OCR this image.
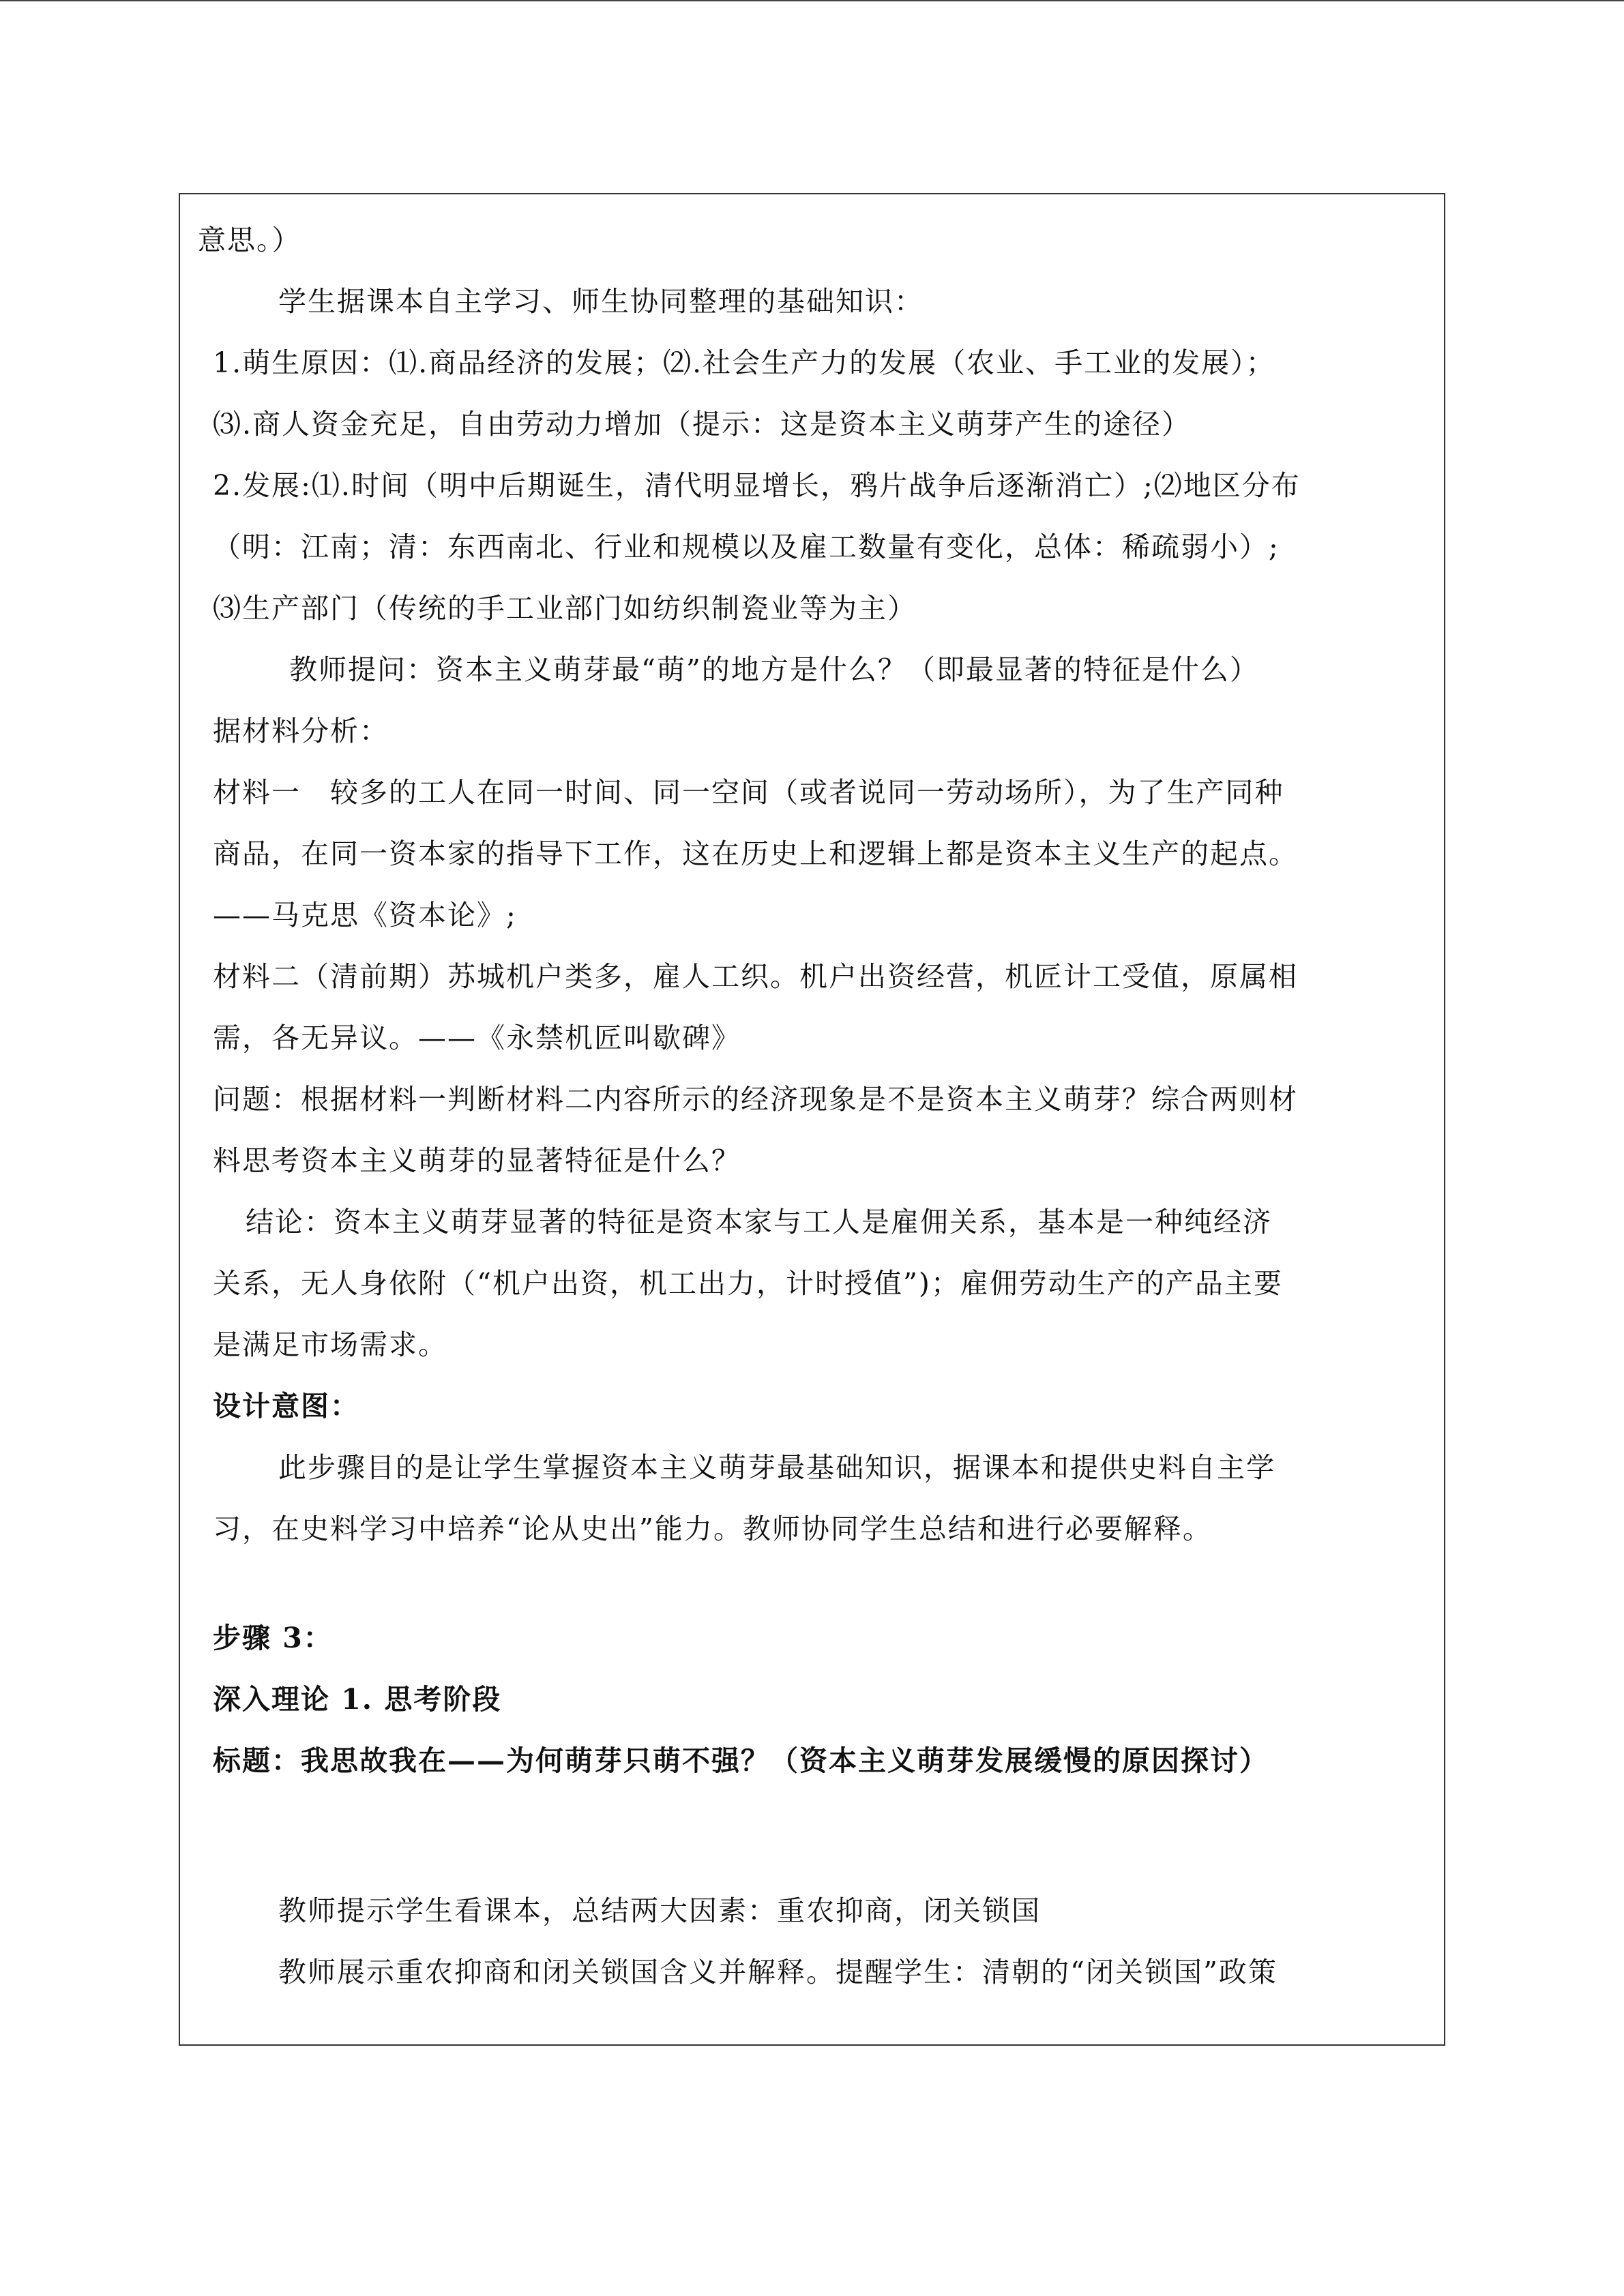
意思。）
学生据课本自主学习、师生协同整理的基础知识：
1.萌生原因：⑴.商品经济的发展；⑵.社会生产力的发展（农业、手工业的发展）；
⑶.商人资金充足，自由劳动力增加（提示：这是资本主义萌芽产生的途径）
2.发展:⑴.时间（明中后期诞生，清代明显增长，鸦片战争后逐渐消亡）;⑵地区分布
（明：江南；清：东西南北、行业和规模以及雇工数量有变化，总体：稀疏弱小）;
⑶生产部门（传统的手工业部门如纺织制瓷业等为主）
教师提问：资本主义萌芽最“萌”的地方是什么？（即最显著的特征是什么）
据材料分析：
材料一　较多的工人在同一时间、同一空间（或者说同一劳动场所），为了生产同种
商品，在同一资本家的指导下工作，这在历史上和逻辑上都是资本主义生产的起点。
——马克思《资本论》;
材料二（清前期）苏城机户类多，雇人工织。机户出资经营，机匠计工受值，原属相
需，各无异议。——《永禁机匠叫歇碑》
问题：根据材料一判断材料二内容所示的经济现象是不是资本主义萌芽？综合两则材
料思考资本主义萌芽的显著特征是什么？
结论：资本主义萌芽显著的特征是资本家与工人是雇佣关系，基本是一种纯经济
关系，无人身依附（“机户出资，机工出力，计时授值”)；雇佣劳动生产的产品主要
是满足市场需求。
设计意图：
此步骤目的是让学生掌握资本主义萌芽最基础知识，据课本和提供史料自主学
习，在史料学习中培养“论从史出”能力。教师协同学生总结和进行必要解释。
步骤 3：
深入理论 1. 思考阶段
标题：我思故我在——为何萌芽只萌不强？（资本主义萌芽发展缓慢的原因探讨）
教师提示学生看课本，总结两大因素：重农抑商，闭关锁国
教师展示重农抑商和闭关锁国含义并解释。提醒学生：清朝的“闭关锁国”政策
